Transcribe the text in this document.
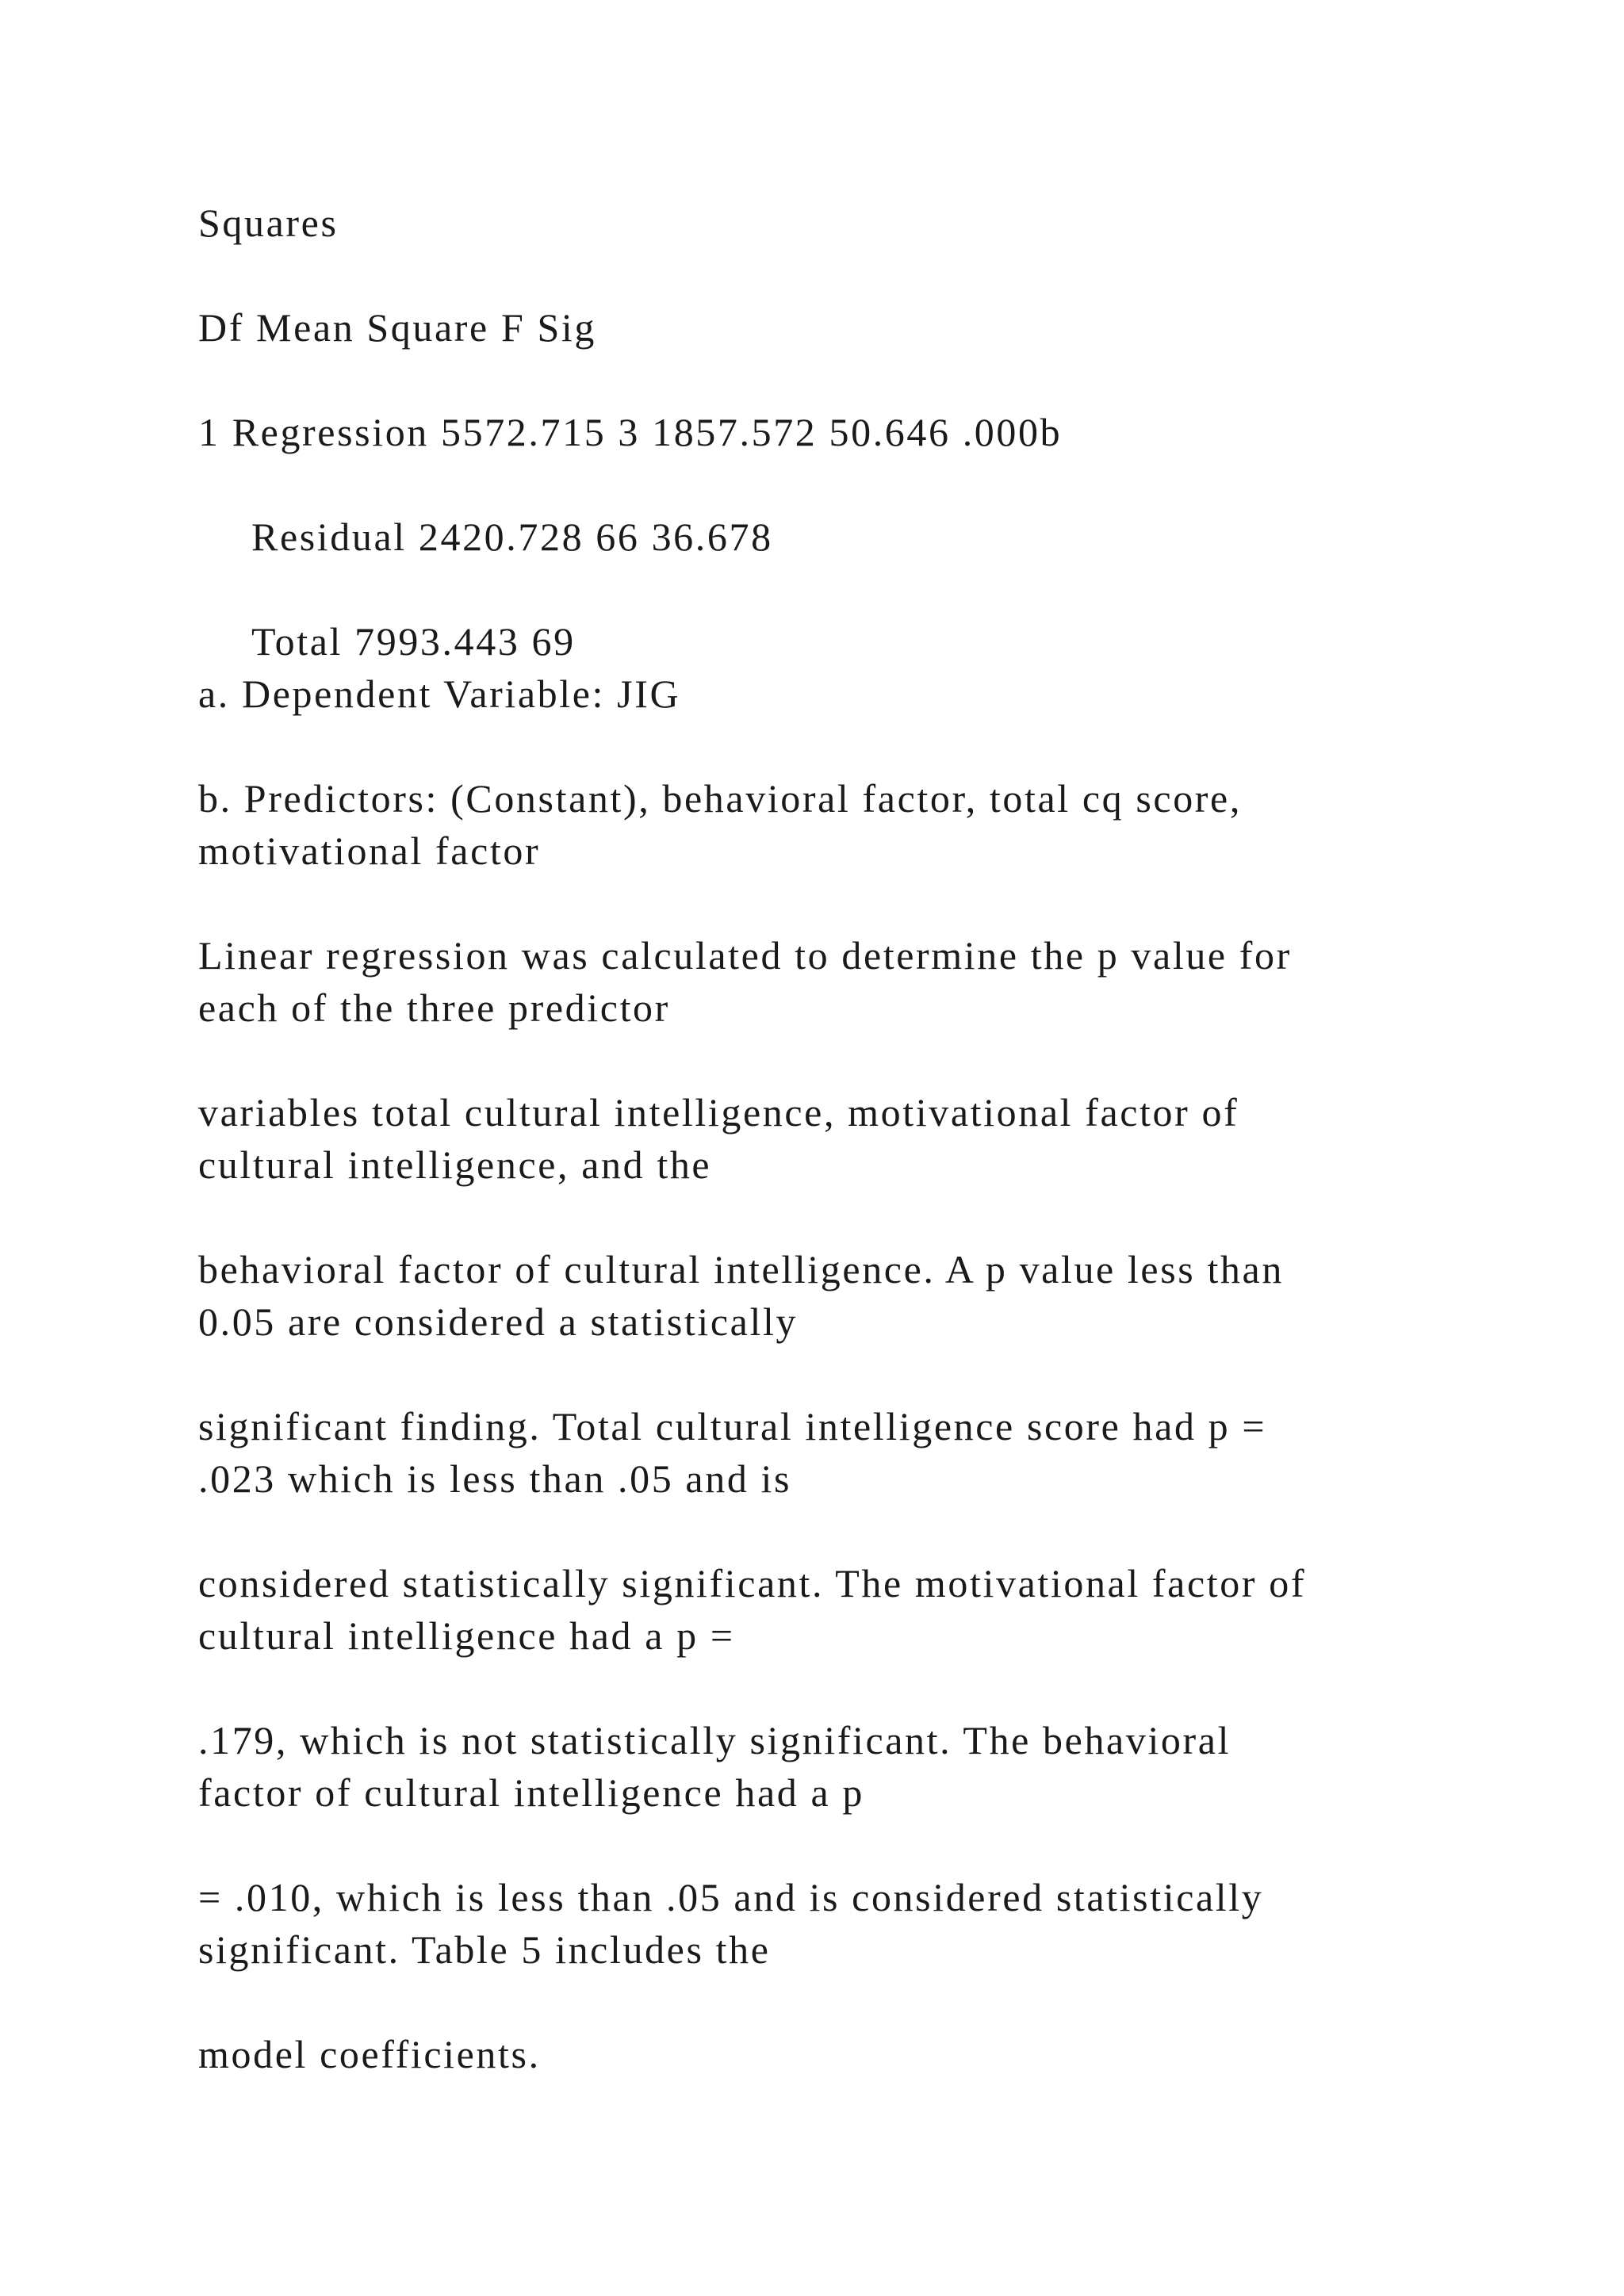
Squares

Df Mean Square F Sig

1 Regression 5572.715 3 1857.572 50.646 .000b

Residual 2420.728 66 36.678

Total 7993.443 69

a. Dependent Variable: JIG

b. Predictors: (Constant), behavioral factor, total cq score,

motivational factor

Linear regression was calculated to determine the p value for

each of the three predictor

variables total cultural intelligence, motivational factor of

cultural intelligence, and the

behavioral factor of cultural intelligence. A p value less than

0.05 are considered a statistically

significant finding. Total cultural intelligence score had p =

.023 which is less than .05 and is

considered statistically significant. The motivational factor of

cultural intelligence had a p =

.179, which is not statistically significant. The behavioral

factor of cultural intelligence had a p

= .010, which is less than .05 and is considered statistically

significant. Table 5 includes the

model coefficients.
